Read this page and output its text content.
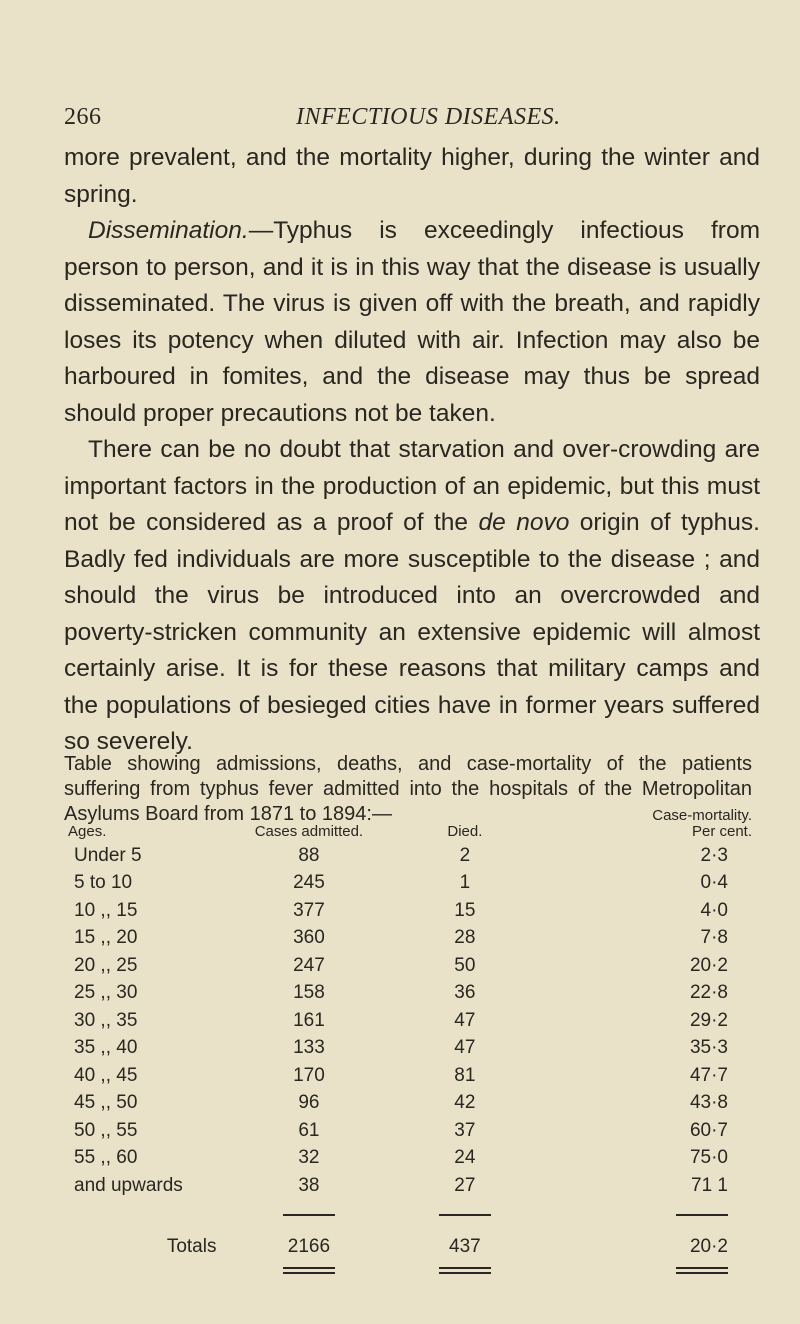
266	INFECTIOUS DISEASES.

more prevalent, and the mortality higher, during the winter and spring.

Dissemination.—Typhus is exceedingly infectious from person to person, and it is in this way that the disease is usually disseminated. The virus is given off with the breath, and rapidly loses its potency when diluted with air. Infection may also be harboured in fomites, and the disease may thus be spread should proper precautions not be taken.

There can be no doubt that starvation and over-crowding are important factors in the production of an epidemic, but this must not be considered as a proof of the de novo origin of typhus. Badly fed individuals are more susceptible to the disease ; and should the virus be introduced into an overcrowded and poverty-stricken community an extensive epidemic will almost certainly arise. It is for these reasons that military camps and the populations of besieged cities have in former years suffered so severely.

Table showing admissions, deaths, and case-mortality of the patients suffering from typhus fever admitted into the hospitals of the Metropolitan Asylums Board from 1871 to 1894:—

Ages.	Cases admitted.	Died.	Case-mortality.
Per cent.
Under 5	88	2	2·3
5 to 10	245	1	0·4
10 ,, 15	377	15	4·0
15 ,, 20	360	28	7·8
20 ,, 25	247	50	20·2
25 ,, 30	158	36	22·8
30 ,, 35	161	47	29·2
35 ,, 40	133	47	35·3
40 ,, 45	170	81	47·7
45 ,, 50	96	42	43·8
50 ,, 55	61	37	60·7
55 ,, 60	32	24	75·0
and upwards	38	27	71 1

Totals	2166	437	20·2
